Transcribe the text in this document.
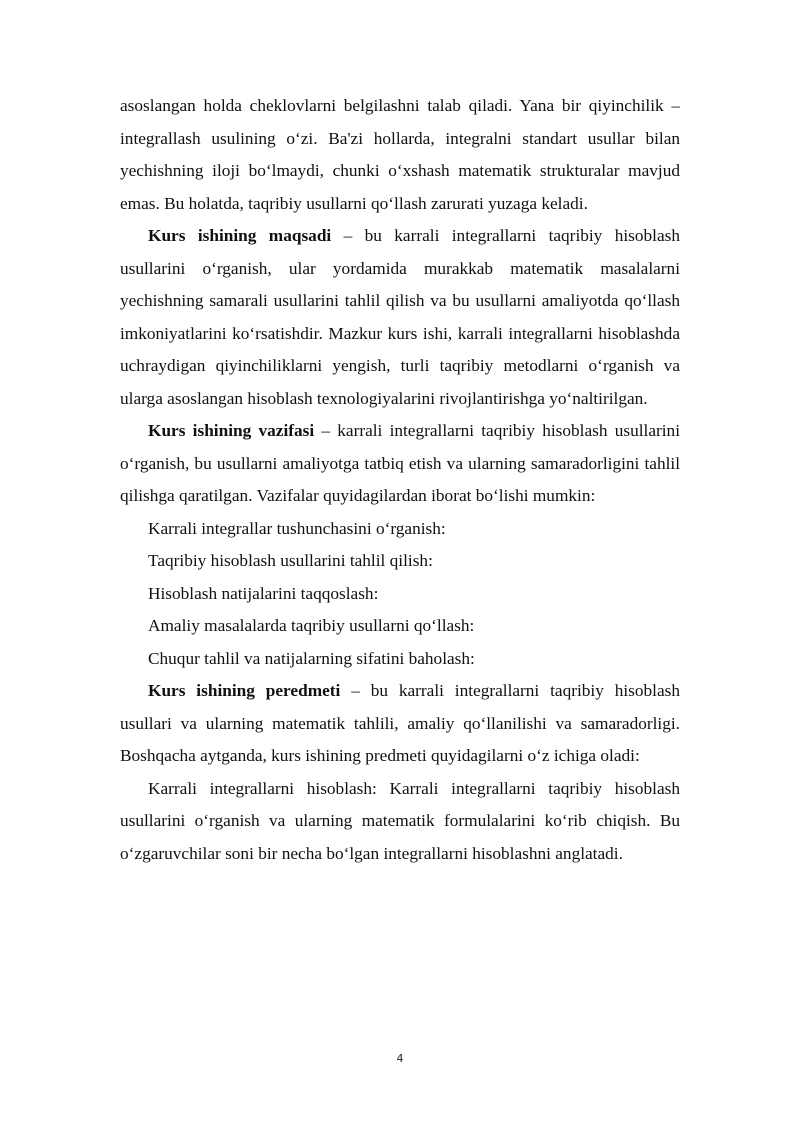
asoslangan holda cheklovlarni belgilashni talab qiladi. Yana bir qiyinchilik – integrallash usulining o‘zi. Ba'zi hollarda, integralni standart usullar bilan yechishning iloji bo‘lmaydi, chunki o‘xshash matematik strukturalar mavjud emas. Bu holatda, taqribiy usullarni qo‘llash zarurati yuzaga keladi.

Kurs ishining maqsadi – bu karrali integrallarni taqribiy hisoblash usullarini o‘rganish, ular yordamida murakkab matematik masalalarni yechishning samarali usullarini tahlil qilish va bu usullarni amaliyotda qo‘llash imkoniyatlarini ko‘rsatishdir. Mazkur kurs ishi, karrali integrallarni hisoblashda uchraydigan qiyinchiliklarni yengish, turli taqribiy metodlarni o‘rganish va ularga asoslangan hisoblash texnologiyalarini rivojlantirishga yo‘naltirilgan.

Kurs ishining vazifasi – karrali integrallarni taqribiy hisoblash usullarini o‘rganish, bu usullarni amaliyotga tatbiq etish va ularning samaradorligini tahlil qilishga qaratilgan. Vazifalar quyidagilardan iborat bo‘lishi mumkin:

Karrali integrallar tushunchasini o‘rganish:

Taqribiy hisoblash usullarini tahlil qilish:

Hisoblash natijalarini taqqoslash:

Amaliy masalalarda taqribiy usullarni qo‘llash:

Chuqur tahlil va natijalarning sifatini baholash:

Kurs ishining peredmeti – bu karrali integrallarni taqribiy hisoblash usullari va ularning matematik tahlili, amaliy qo‘llanilishi va samaradorligi. Boshqacha aytganda, kurs ishining predmeti quyidagilarni o‘z ichiga oladi:

Karrali integrallarni hisoblash: Karrali integrallarni taqribiy hisoblash usullarini o‘rganish va ularning matematik formulalarini ko‘rib chiqish. Bu o‘zgaruvchilar soni bir necha bo‘lgan integrallarni hisoblashni anglatadi.

4
